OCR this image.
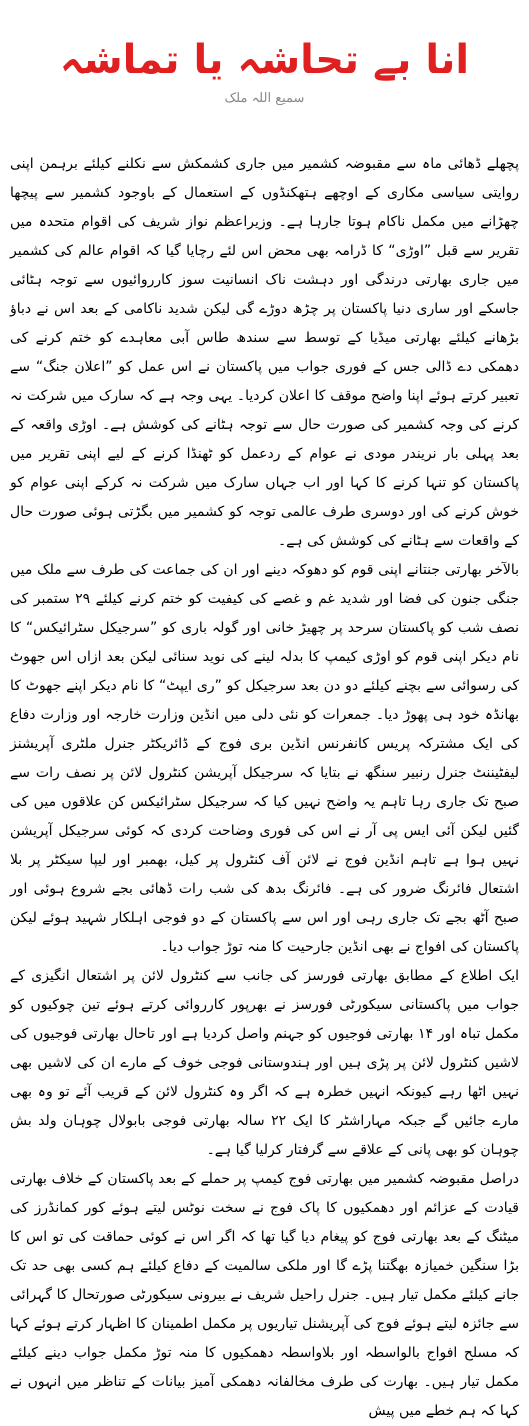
انا بے تحاشہ یا تماشہ
سمیع اللہ ملک

پچھلے ڈھائی ماہ سے مقبوضہ کشمیر میں جاری کشمکش سے نکلنے کیلئے برہمن اپنی روایتی سیاسی مکاری کے اوچھے ہتھکنڈوں کے استعمال کے باوجود کشمیر سے پیچھا چھڑانے میں مکمل ناکام ہوتا جارہا ہے۔ وزیراعظم نواز شریف کی اقوام متحدہ میں تقریر سے قبل ”اوڑی“ کا ڈرامہ بھی محض اس لئے رچایا گیا کہ اقوام عالم کی کشمیر میں جاری بھارتی درندگی اور دہشت ناک انسانیت سوز کارروائیوں سے توجہ ہٹائی جاسکے اور ساری دنیا پاکستان پر چڑھ دوڑے گی لیکن شدید ناکامی کے بعد اس نے دباؤ بڑھانے کیلئے بھارتی میڈیا کے توسط سے سندھ طاس آبی معاہدے کو ختم کرنے کی دھمکی دے ڈالی جس کے فوری جواب میں پاکستان نے اس عمل کو ”اعلان جنگ“ سے تعبیر کرتے ہوئے اپنا واضح موقف کا اعلان کردیا۔ یہی وجہ ہے کہ سارک میں شرکت نہ کرنے کی وجہ کشمیر کی صورت حال سے توجہ ہٹانے کی کوشش ہے۔ اوڑی واقعہ کے بعد پہلی بار نریندر مودی نے عوام کے ردعمل کو ٹھنڈا کرنے کے لیے اپنی تقریر میں پاکستان کو تنہا کرنے کا کہا اور اب جہاں سارک میں شرکت نہ کرکے اپنی عوام کو خوش کرنے کی اور دوسری طرف عالمی توجہ کو کشمیر میں بگڑتی ہوئی صورت حال کے واقعات سے ہٹانے کی کوشش کی ہے۔

بالآخر بھارتی جنتانے اپنی قوم کو دھوکہ دینے اور ان کی جماعت کی طرف سے ملک میں جنگی جنون کی فضا اور شدید غم و غصے کی کیفیت کو ختم کرنے کیلئے ۲۹ ستمبر کی نصف شب کو پاکستان سرحد پر چھیڑ خانی اور گولہ باری کو ”سرجیکل سٹرائیکس“ کا نام دیکر اپنی قوم کو اوڑی کیمپ کا بدلہ لینے کی نوید سنائی لیکن بعد ازاں اس جھوٹ کی رسوائی سے بچنے کیلئے دو دن بعد سرجیکل کو ”ری ایپٹ“ کا نام دیکر اپنے جھوٹ کا بھانڈہ خود ہی پھوڑ دیا۔ جمعرات کو نئی دلی میں انڈین وزارت خارجہ اور وزارت دفاع کی ایک مشترکہ پریس کانفرنس انڈین بری فوج کے ڈائریکٹر جنرل ملٹری آپریشنز لیفٹیننٹ جنرل رنبیر سنگھ نے بتایا کہ سرجیکل آپریشن کنٹرول لائن پر نصف رات سے صبح تک جاری رہا تاہم یہ واضح نہیں کیا کہ سرجیکل سٹرائیکس کن علاقوں میں کی گئیں لیکن آئی ایس پی آر نے اس کی فوری وضاحت کردی کہ کوئی سرجیکل آپریشن نہیں ہوا ہے تاہم انڈین فوج نے لائن آف کنٹرول پر کیل، بھمبر اور لیپا سیکٹر پر بلا اشتعال فائرنگ ضرور کی ہے۔ فائرنگ بدھ کی شب رات ڈھائی بجے شروع ہوئی اور صبح آٹھ بجے تک جاری رہی اور اس سے پاکستان کے دو فوجی اہلکار شہید ہوئے لیکن پاکستان کی افواج نے بھی انڈین جارحیت کا منہ توڑ جواب دیا۔

ایک اطلاع کے مطابق بھارتی فورسز کی جانب سے کنٹرول لائن پر اشتعال انگیزی کے جواب میں پاکستانی سیکورٹی فورسز نے بھرپور کارروائی کرتے ہوئے تین چوکیوں کو مکمل تباہ اور ۱۴ بھارتی فوجیوں کو جہنم واصل کردیا ہے اور تاحال بھارتی فوجیوں کی لاشیں کنٹرول لائن پر پڑی ہیں اور ہندوستانی فوجی خوف کے مارے ان کی لاشیں بھی نہیں اٹھا رہے کیونکہ انہیں خطرہ ہے کہ اگر وہ کنٹرول لائن کے قریب آئے تو وہ بھی مارے جائیں گے جبکہ مہاراشٹر کا ایک ۲۲ سالہ بھارتی فوجی بابولال چوہان ولد بش چوہان کو بھی پانی کے علاقے سے گرفتار کرلیا گیا ہے۔

دراصل مقبوضہ کشمیر میں بھارتی فوج کیمپ پر حملے کے بعد پاکستان کے خلاف بھارتی قیادت کے عزائم اور دھمکیوں کا پاک فوج نے سخت نوٹس لیتے ہوئے کور کمانڈرز کی میٹنگ کے بعد بھارتی فوج کو پیغام دیا گیا تھا کہ اگر اس نے کوئی حماقت کی تو اس کا بڑا سنگین خمیازہ بھگتنا پڑے گا اور ملکی سالمیت کے دفاع کیلئے ہم کسی بھی حد تک جانے کیلئے مکمل تیار ہیں۔ جنرل راحیل شریف نے بیرونی سیکورٹی صورتحال کا گہرائی سے جائزہ لیتے ہوئے فوج کی آپریشنل تیاریوں پر مکمل اطمینان کا اظہار کرتے ہوئے کہا کہ مسلح افواج بالواسطہ اور بلاواسطہ دھمکیوں کا منہ توڑ مکمل جواب دینے کیلئے مکمل تیار ہیں۔ بھارت کی طرف مخالفانہ دھمکی آمیز بیانات کے تناظر میں انہوں نے کہا کہ ہم خطے میں پیش
